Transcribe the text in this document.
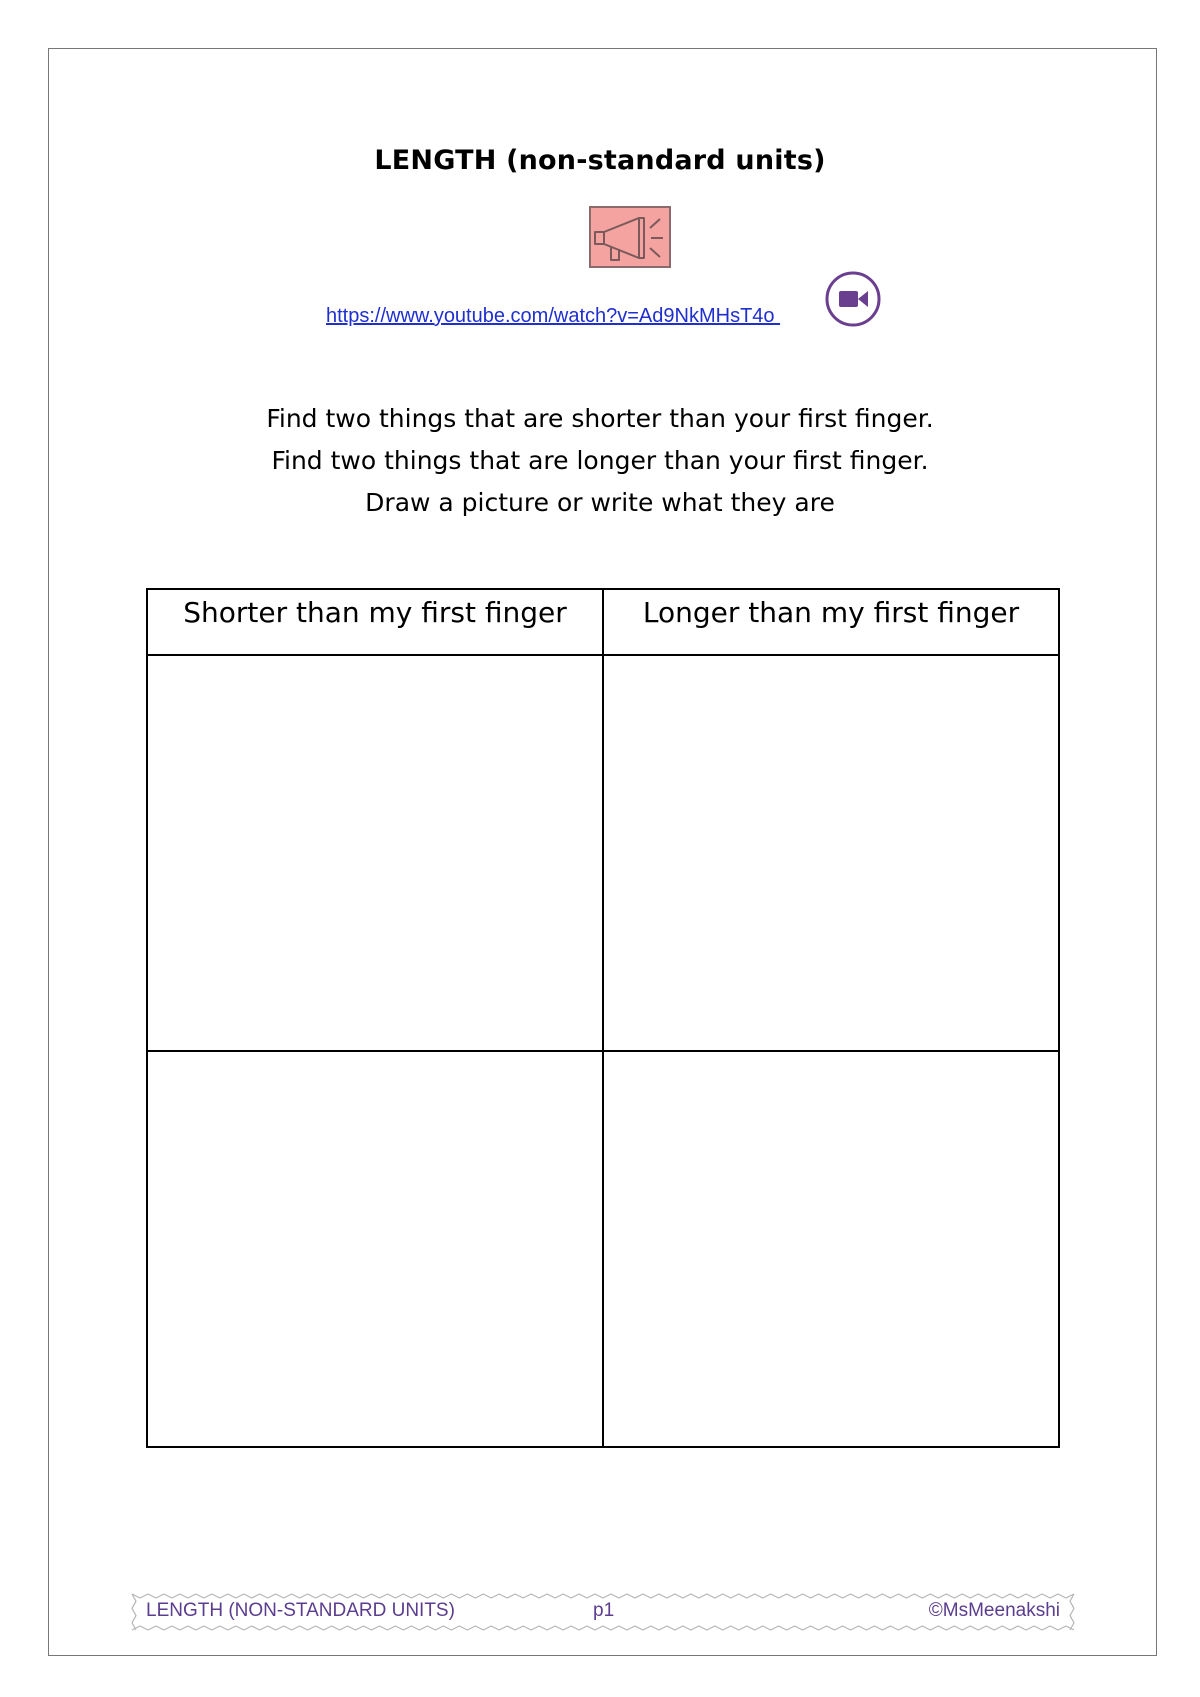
LENGTH (non-standard units)
https://www.youtube.com/watch?v=Ad9NkMHsT4o
Find two things that are shorter than your first finger.
Find two things that are longer than your first finger.
Draw a picture or write what they are
Shorter than my first finger	Longer than my first finger

LENGTH (NON-STANDARD UNITS)	p1	©MsMeenakshi
